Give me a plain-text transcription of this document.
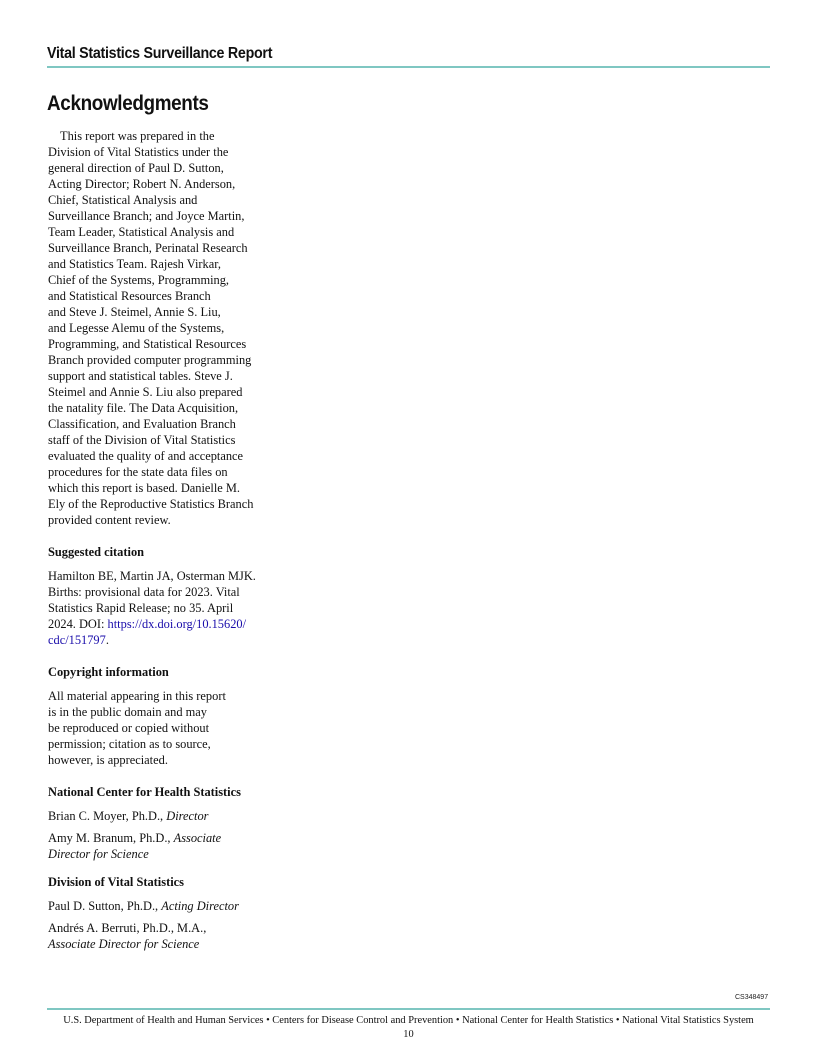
Vital Statistics Surveillance Report
Acknowledgments

This report was prepared in the
Division of Vital Statistics under the
general direction of Paul D. Sutton,
Acting Director; Robert N. Anderson,
Chief, Statistical Analysis and
Surveillance Branch; and Joyce Martin,
Team Leader, Statistical Analysis and
Surveillance Branch, Perinatal Research
and Statistics Team. Rajesh Virkar,
Chief of the Systems, Programming,
and Statistical Resources Branch
and Steve J. Steimel, Annie S. Liu,
and Legesse Alemu of the Systems,
Programming, and Statistical Resources
Branch provided computer programming
support and statistical tables. Steve J.
Steimel and Annie S. Liu also prepared
the natality file. The Data Acquisition,
Classification, and Evaluation Branch
staff of the Division of Vital Statistics
evaluated the quality of and acceptance
procedures for the state data files on
which this report is based. Danielle M.
Ely of the Reproductive Statistics Branch
provided content review.

Suggested citation

Hamilton BE, Martin JA, Osterman MJK.
Births: provisional data for 2023. Vital
Statistics Rapid Release; no 35. April
2024. DOI: https://dx.doi.org/10.15620/
cdc/151797.

Copyright information

All material appearing in this report
is in the public domain and may
be reproduced or copied without
permission; citation as to source,
however, is appreciated.

National Center for Health Statistics

Brian C. Moyer, Ph.D., Director

Amy M. Branum, Ph.D., Associate
Director for Science

Division of Vital Statistics

Paul D. Sutton, Ph.D., Acting Director

Andrés A. Berruti, Ph.D., M.A.,
Associate Director for Science

CS348497
U.S. Department of Health and Human Services • Centers for Disease Control and Prevention • National Center for Health Statistics • National Vital Statistics System
10
